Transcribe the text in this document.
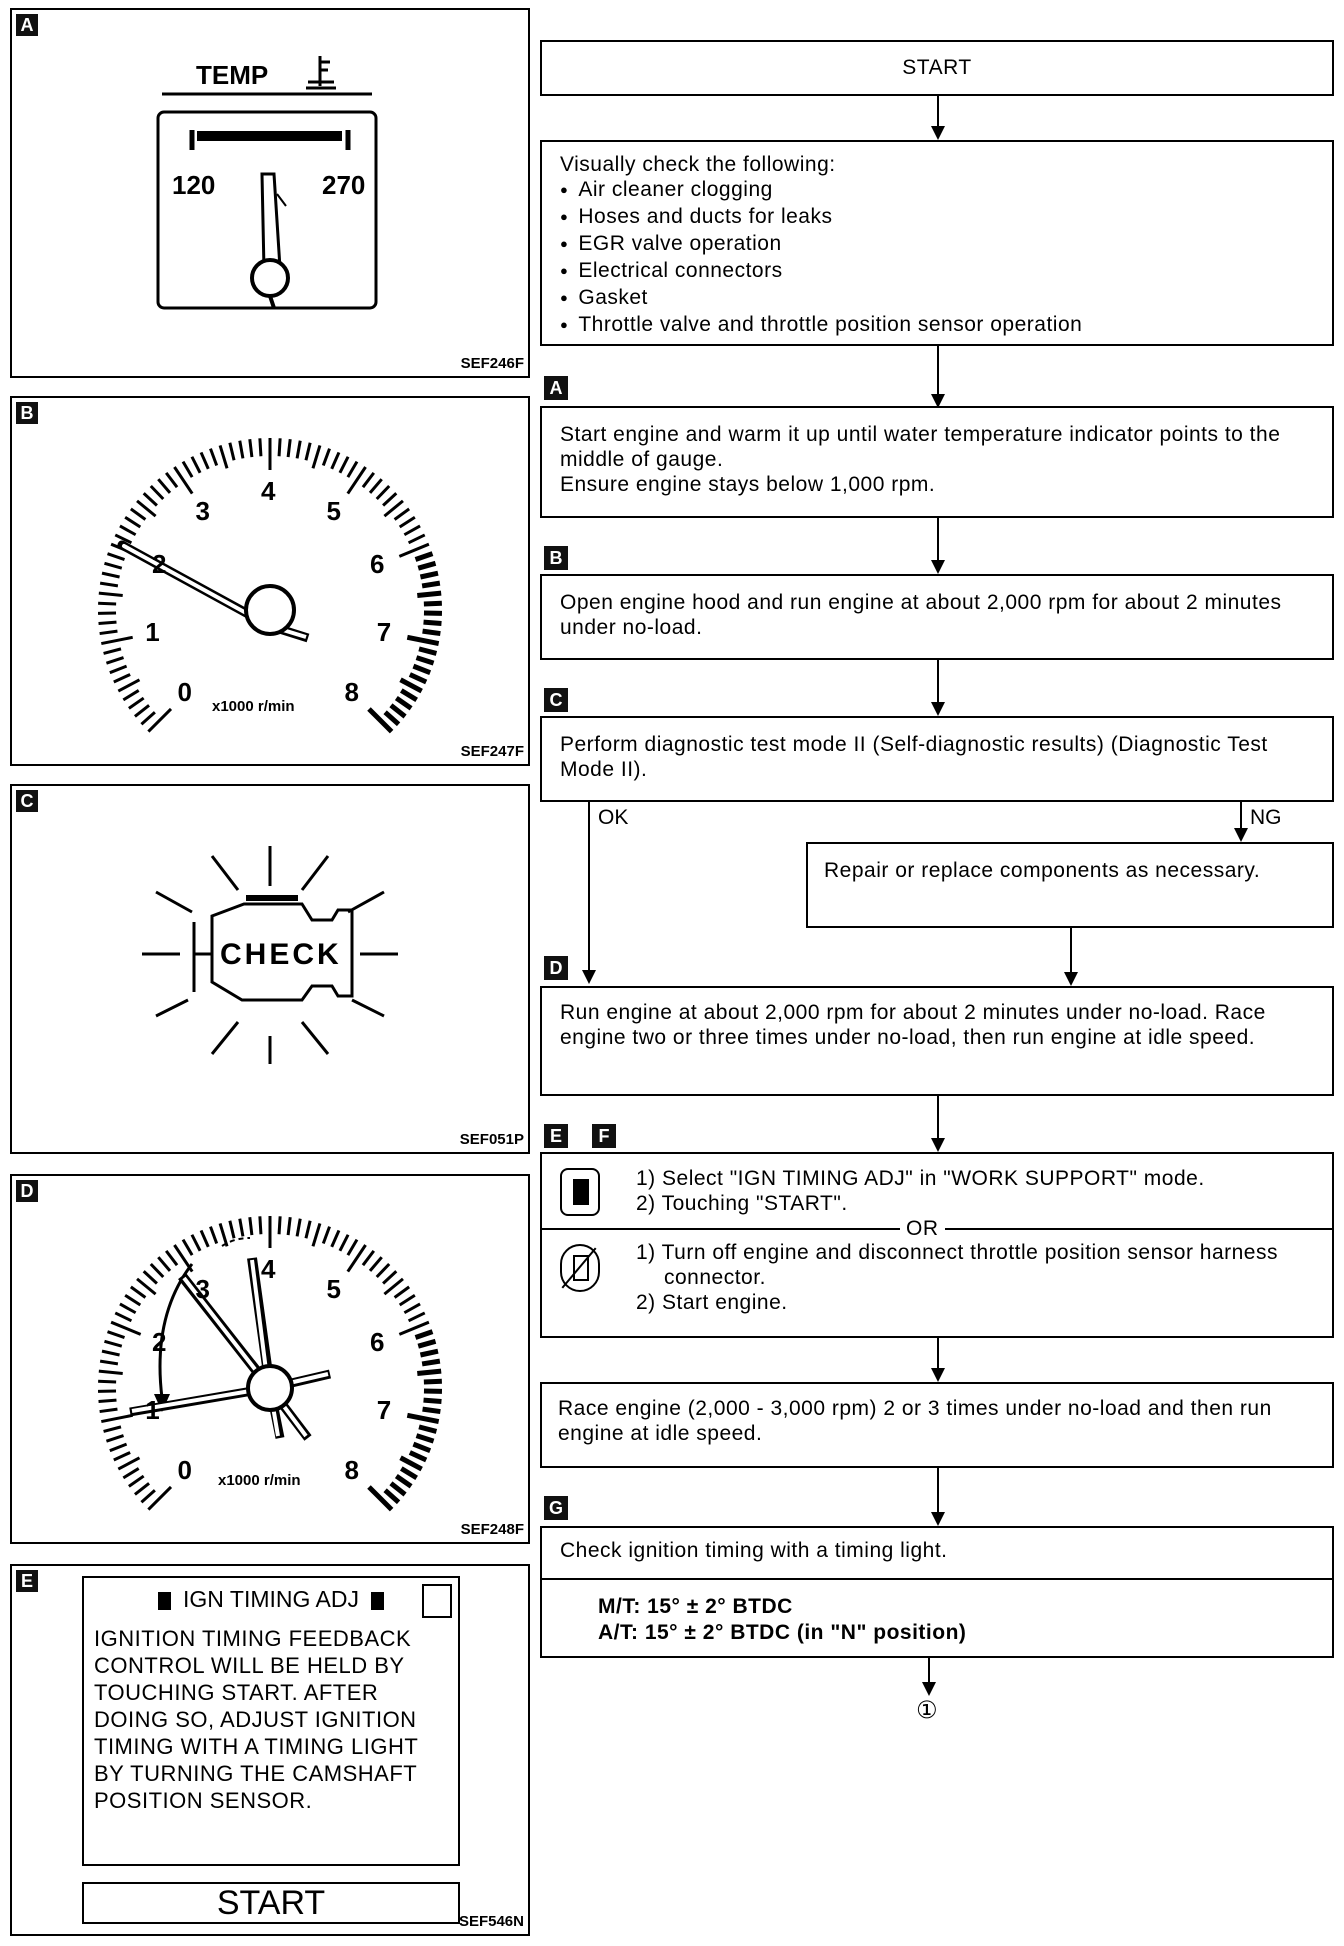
A
TEMP
120	270
SEF246F
B
x1000 r/min
SEF247F
0
1
2
3
4
5
6
7
8
C
CHECK
SEF051P
D
x1000 r/min
SEF248F
0
1
2
3
4
5
6
7
8
E
IGN TIMING ADJ
IGNITION TIMING FEEDBACK CONTROL WILL BE HELD BY TOUCHING START. AFTER DOING SO, ADJUST IGNITION TIMING WITH A TIMING LIGHT BY TURNING THE CAMSHAFT POSITION SENSOR.
START	SEF546N
START

Visually check the following:

● Air cleaner clogging
● Hoses and ducts for leaks
● EGR valve operation
● Electrical connectors
● Gasket
● Throttle valve and throttle position sensor operation
A

Start engine and warm it up until water temperature indicator points to the middle of gauge.

Ensure engine stays below 1,000 rpm.

B

Open engine hood and run engine at about 2,000 rpm for about 2 minutes under no-load.

C

Perform diagnostic test mode II (Self-diagnostic results) (Diagnostic Test Mode II).

OK	NG

Repair or replace components as necessary.

D

Run engine at about 2,000 rpm for about 2 minutes under no-load. Race engine two or three times under no-load, then run engine at idle speed.

E	F

1) Select "IGN TIMING ADJ" in "WORK SUPPORT" mode.

2) Touching "START".

OR

1) Turn off engine and disconnect throttle position sensor harness connector.

2) Start engine.

Race engine (2,000 - 3,000 rpm) 2 or 3 times under no-load and then run engine at idle speed.

G

Check ignition timing with a timing light.

M/T: 15° ± 2° BTDC

A/T: 15° ± 2° BTDC (in "N" position)

①
